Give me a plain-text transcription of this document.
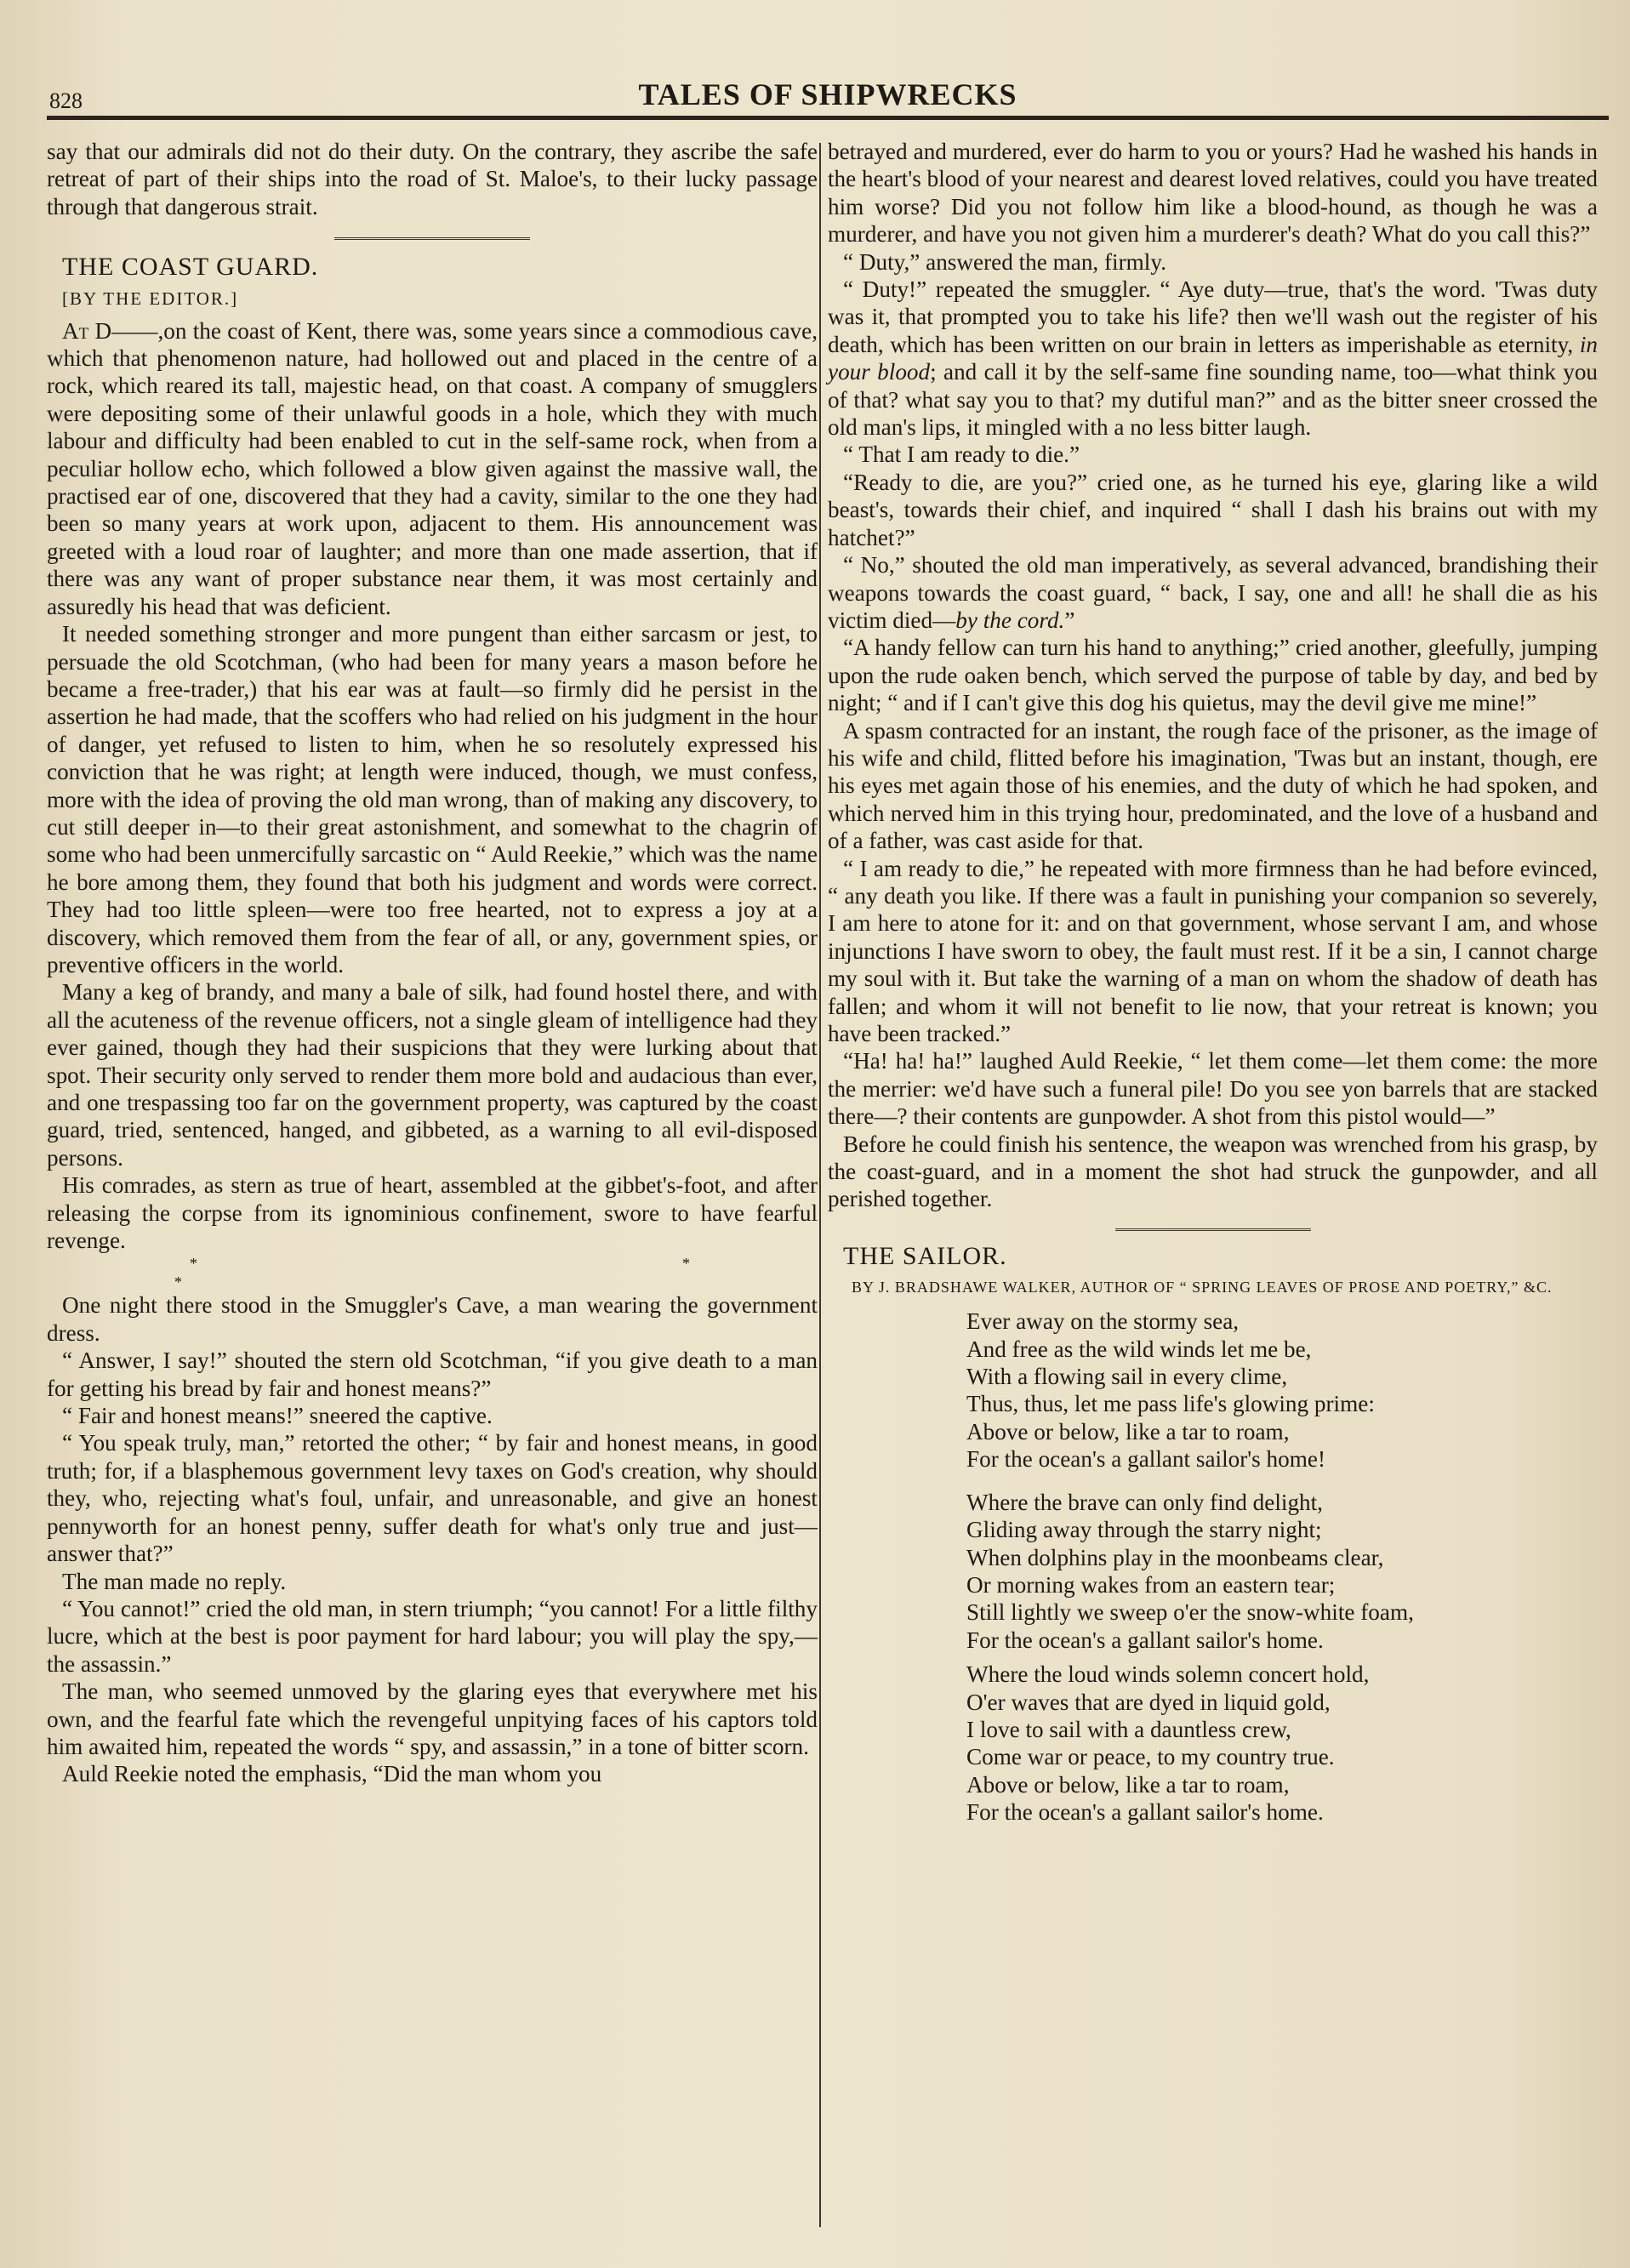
828	TALES OF SHIPWRECKS

say that our admirals did not do their duty. On the contrary, they ascribe the safe retreat of part of their ships into the road of St. Maloe's, to their lucky passage through that dangerous strait.

THE COAST GUARD.

[BY THE EDITOR.]

At D——,on the coast of Kent, there was, some years since a commodious cave, which that phenomenon nature, had hollowed out and placed in the centre of a rock, which reared its tall, majestic head, on that coast. A company of smugglers were depositing some of their unlawful goods in a hole, which they with much labour and difficulty had been enabled to cut in the self-same rock, when from a peculiar hollow echo, which followed a blow given against the massive wall, the practised ear of one, discovered that they had a cavity, similar to the one they had been so many years at work upon, adjacent to them. His announcement was greeted with a loud roar of laughter; and more than one made assertion, that if there was any want of proper substance near them, it was most certainly and assuredly his head that was deficient.

It needed something stronger and more pungent than either sarcasm or jest, to persuade the old Scotchman, (who had been for many years a mason before he became a free-trader,) that his ear was at fault—so firmly did he persist in the assertion he had made, that the scoffers who had relied on his judgment in the hour of danger, yet refused to listen to him, when he so resolutely expressed his conviction that he was right; at length were induced, though, we must confess, more with the idea of proving the old man wrong, than of making any discovery, to cut still deeper in—to their great astonishment, and somewhat to the chagrin of some who had been unmercifully sarcastic on “ Auld Reekie,” which was the name he bore among them, they found that both his judgment and words were correct. They had too little spleen—were too free hearted, not to express a joy at a discovery, which removed them from the fear of all, or any, government spies, or preventive officers in the world.

Many a keg of brandy, and many a bale of silk, had found hostel there, and with all the acuteness of the revenue officers, not a single gleam of intelligence had they ever gained, though they had their suspicions that they were lurking about that spot. Their security only served to render them more bold and audacious than ever, and one trespassing too far on the government property, was captured by the coast guard, tried, sentenced, hanged, and gibbeted, as a warning to all evil-disposed persons.

His comrades, as stern as true of heart, assembled at the gibbet's-foot, and after releasing the corpse from its ignominious confinement, swore to have fearful revenge.

* * *

One night there stood in the Smuggler's Cave, a man wearing the government dress.

“ Answer, I say!” shouted the stern old Scotchman, “if you give death to a man for getting his bread by fair and honest means?”

“ Fair and honest means!” sneered the captive.

“ You speak truly, man,” retorted the other; “ by fair and honest means, in good truth; for, if a blasphemous government levy taxes on God's creation, why should they, who, rejecting what's foul, unfair, and unreasonable, and give an honest pennyworth for an honest penny, suffer death for what's only true and just—answer that?”

The man made no reply.

“ You cannot!” cried the old man, in stern triumph; “you cannot! For a little filthy lucre, which at the best is poor payment for hard labour; you will play the spy,—the assassin.”

The man, who seemed unmoved by the glaring eyes that everywhere met his own, and the fearful fate which the revengeful unpitying faces of his captors told him awaited him, repeated the words “ spy, and assassin,” in a tone of bitter scorn.

Auld Reekie noted the emphasis, “Did the man whom you

betrayed and murdered, ever do harm to you or yours? Had he washed his hands in the heart's blood of your nearest and dearest loved relatives, could you have treated him worse? Did you not follow him like a blood-hound, as though he was a murderer, and have you not given him a murderer's death? What do you call this?”

“ Duty,” answered the man, firmly.

“ Duty!” repeated the smuggler. “ Aye duty—true, that's the word. 'Twas duty was it, that prompted you to take his life? then we'll wash out the register of his death, which has been written on our brain in letters as imperishable as eternity, in your blood; and call it by the self-same fine sounding name, too—what think you of that? what say you to that? my dutiful man?” and as the bitter sneer crossed the old man's lips, it mingled with a no less bitter laugh.

“ That I am ready to die.”

“Ready to die, are you?” cried one, as he turned his eye, glaring like a wild beast's, towards their chief, and inquired “ shall I dash his brains out with my hatchet?”

“ No,” shouted the old man imperatively, as several advanced, brandishing their weapons towards the coast guard, “ back, I say, one and all! he shall die as his victim died—by the cord.”

“A handy fellow can turn his hand to anything;” cried another, gleefully, jumping upon the rude oaken bench, which served the purpose of table by day, and bed by night; “ and if I can't give this dog his quietus, may the devil give me mine!”

A spasm contracted for an instant, the rough face of the prisoner, as the image of his wife and child, flitted before his imagination, 'Twas but an instant, though, ere his eyes met again those of his enemies, and the duty of which he had spoken, and which nerved him in this trying hour, predominated, and the love of a husband and of a father, was cast aside for that.

“ I am ready to die,” he repeated with more firmness than he had before evinced, “ any death you like. If there was a fault in punishing your companion so severely, I am here to atone for it: and on that government, whose servant I am, and whose injunctions I have sworn to obey, the fault must rest. If it be a sin, I cannot charge my soul with it. But take the warning of a man on whom the shadow of death has fallen; and whom it will not benefit to lie now, that your retreat is known; you have been tracked.”

“Ha! ha! ha!” laughed Auld Reekie, “ let them come—let them come: the more the merrier: we'd have such a funeral pile! Do you see yon barrels that are stacked there—? their contents are gunpowder. A shot from this pistol would—”

Before he could finish his sentence, the weapon was wrenched from his grasp, by the coast-guard, and in a moment the shot had struck the gunpowder, and all perished together.

THE SAILOR.

BY J. BRADSHAWE WALKER, AUTHOR OF “ SPRING LEAVES OF PROSE AND POETRY,” &C.

Ever away on the stormy sea,
And free as the wild winds let me be,
With a flowing sail in every clime,
Thus, thus, let me pass life's glowing prime:
Above or below, like a tar to roam,
For the ocean's a gallant sailor's home!

Where the brave can only find delight,
Gliding away through the starry night;
When dolphins play in the moonbeams clear,
Or morning wakes from an eastern tear;
Still lightly we sweep o'er the snow-white foam,
For the ocean's a gallant sailor's home.

Where the loud winds solemn concert hold,
O'er waves that are dyed in liquid gold,
I love to sail with a dauntless crew,
Come war or peace, to my country true.
Above or below, like a tar to roam,
For the ocean's a gallant sailor's home.
